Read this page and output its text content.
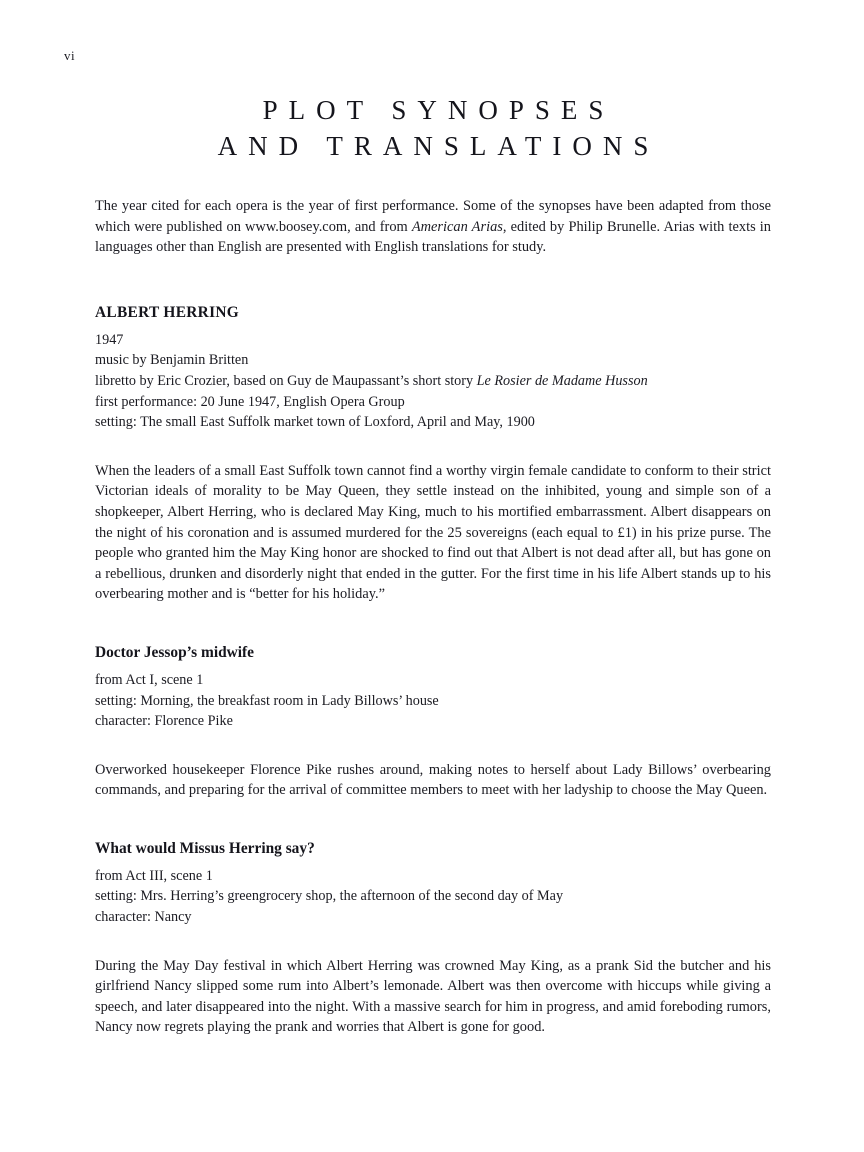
vi
PLOT SYNOPSES
AND TRANSLATIONS

The year cited for each opera is the year of first performance. Some of the synopses have been adapted from those which were published on www.boosey.com, and from American Arias, edited by Philip Brunelle. Arias with texts in languages other than English are presented with English translations for study.

ALBERT HERRING
1947
music by Benjamin Britten
libretto by Eric Crozier, based on Guy de Maupassant’s short story Le Rosier de Madame Husson
first performance: 20 June 1947, English Opera Group
setting: The small East Suffolk market town of Loxford, April and May, 1900

When the leaders of a small East Suffolk town cannot find a worthy virgin female candidate to conform to their strict Victorian ideals of morality to be May Queen, they settle instead on the inhibited, young and simple son of a shopkeeper, Albert Herring, who is declared May King, much to his mortified embarrassment. Albert disappears on the night of his coronation and is assumed murdered for the 25 sovereigns (each equal to £1) in his prize purse. The people who granted him the May King honor are shocked to find out that Albert is not dead after all, but has gone on a rebellious, drunken and disorderly night that ended in the gutter. For the first time in his life Albert stands up to his overbearing mother and is “better for his holiday.”

Doctor Jessop’s midwife
from Act I, scene 1
setting: Morning, the breakfast room in Lady Billows’ house
character: Florence Pike

Overworked housekeeper Florence Pike rushes around, making notes to herself about Lady Billows’ overbearing commands, and preparing for the arrival of committee members to meet with her ladyship to choose the May Queen.

What would Missus Herring say?
from Act III, scene 1
setting: Mrs. Herring’s greengrocery shop, the afternoon of the second day of May
character: Nancy

During the May Day festival in which Albert Herring was crowned May King, as a prank Sid the butcher and his girlfriend Nancy slipped some rum into Albert’s lemonade. Albert was then overcome with hiccups while giving a speech, and later disappeared into the night. With a massive search for him in progress, and amid foreboding rumors, Nancy now regrets playing the prank and worries that Albert is gone for good.
